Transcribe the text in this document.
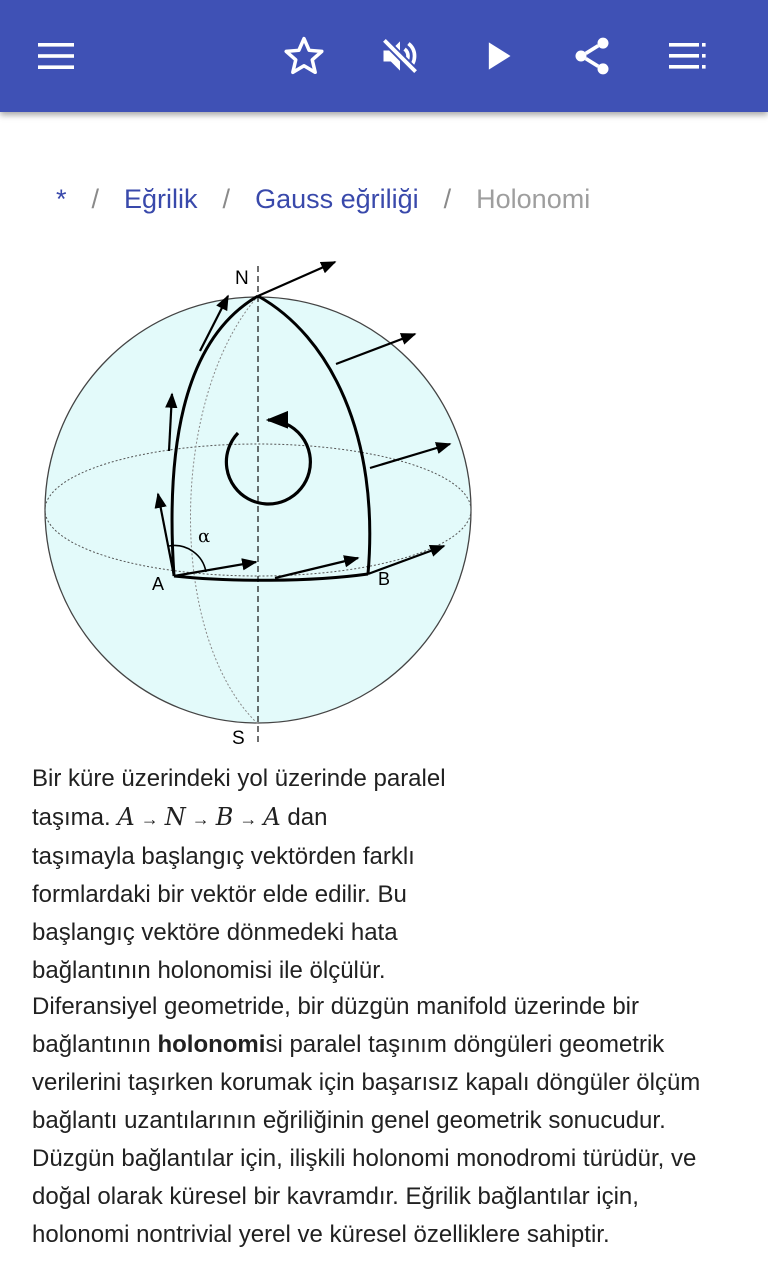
* / Eğrilik / Gauss eğriliği / Holonomi
N
S
A	B
α
Bir küre üzerindeki yol üzerinde paralel
taşıma. A → N → B → A dan
taşımayla başlangıç vektörden farklı formlardaki bir vektör elde edilir. Bu başlangıç vektöre dönmedeki hata bağlantının holonomisi ile ölçülür.
Diferansiyel geometride, bir düzgün manifold üzerinde bir bağlantının holonomisi paralel taşınım döngüleri geometrik verilerini taşırken korumak için başarısız kapalı döngüler ölçüm bağlantı uzantılarının eğriliğinin genel geometrik sonucudur. Düzgün bağlantılar için, ilişkili holonomi monodromi türüdür, ve doğal olarak küresel bir kavramdır. Eğrilik bağlantılar için, holonomi nontrivial yerel ve küresel özelliklere sahiptir.
